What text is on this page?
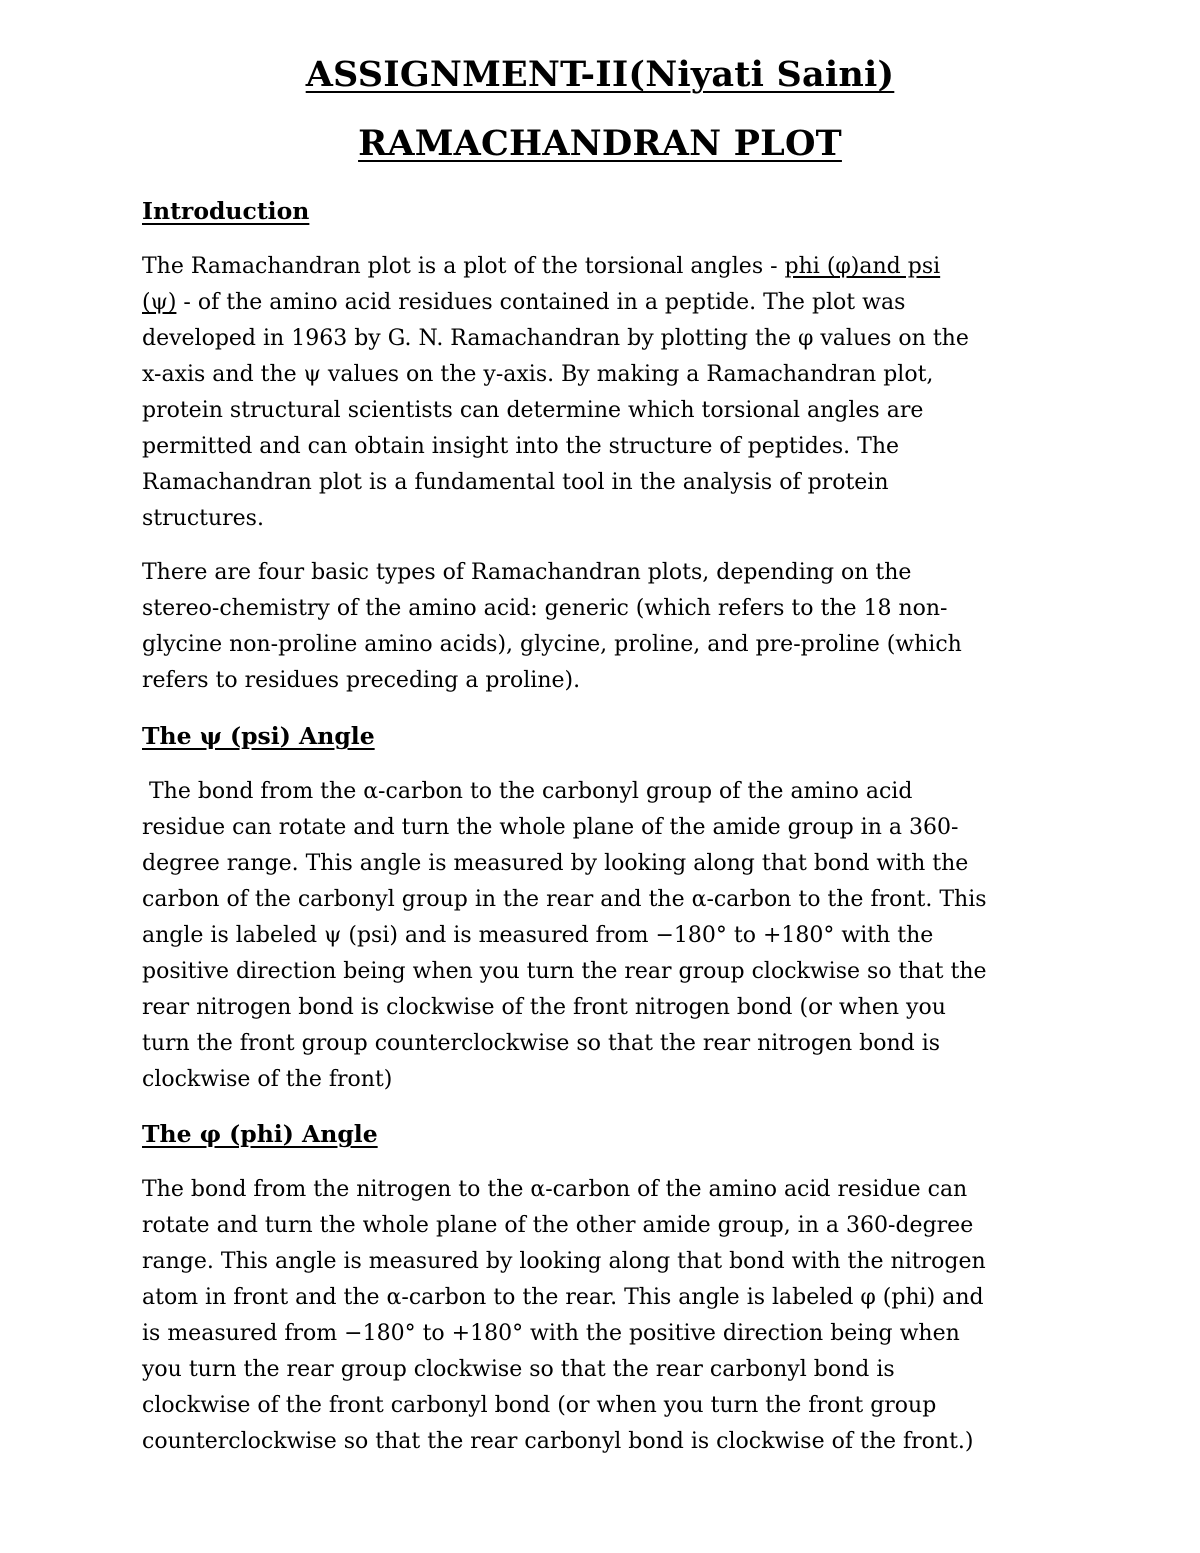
ASSIGNMENT-II(Niyati Saini)
RAMACHANDRAN PLOT
Introduction

The Ramachandran plot is a plot of the torsional angles - phi (φ)and psi
(ψ) - of the amino acid residues contained in a peptide. The plot was
developed in 1963 by G. N. Ramachandran by plotting the φ values on the
x-axis and the ψ values on the y-axis. By making a Ramachandran plot,
protein structural scientists can determine which torsional angles are
permitted and can obtain insight into the structure of peptides. The
Ramachandran plot is a fundamental tool in the analysis of protein
structures.

There are four basic types of Ramachandran plots, depending on the
stereo-chemistry of the amino acid: generic (which refers to the 18 non-
glycine non-proline amino acids), glycine, proline, and pre-proline (which
refers to residues preceding a proline).

The ψ (psi) Angle

The bond from the α-carbon to the carbonyl group of the amino acid
residue can rotate and turn the whole plane of the amide group in a 360-
degree range. This angle is measured by looking along that bond with the
carbon of the carbonyl group in the rear and the α-carbon to the front. This
angle is labeled ψ (psi) and is measured from −180° to +180° with the
positive direction being when you turn the rear group clockwise so that the
rear nitrogen bond is clockwise of the front nitrogen bond (or when you
turn the front group counterclockwise so that the rear nitrogen bond is
clockwise of the front)

The φ (phi) Angle

The bond from the nitrogen to the α-carbon of the amino acid residue can
rotate and turn the whole plane of the other amide group, in a 360-degree
range. This angle is measured by looking along that bond with the nitrogen
atom in front and the α-carbon to the rear. This angle is labeled φ (phi) and
is measured from −180° to +180° with the positive direction being when
you turn the rear group clockwise so that the rear carbonyl bond is
clockwise of the front carbonyl bond (or when you turn the front group
counterclockwise so that the rear carbonyl bond is clockwise of the front.)
